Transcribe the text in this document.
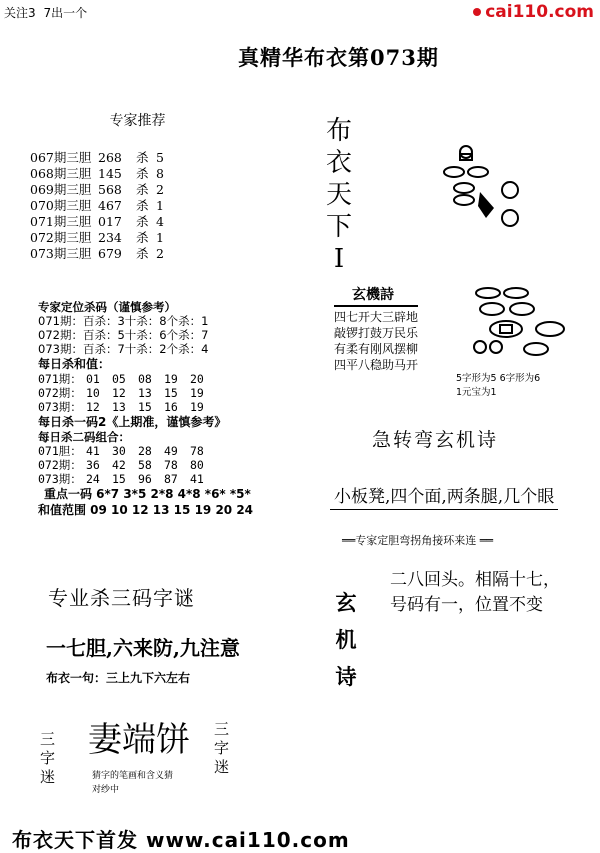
关注3 7出一个	cai110.com
真精华布衣第073期
专家推荐
067期三胆 268 杀 5
068期三胆 145 杀 8
069期三胆 568 杀 2
070期三胆 467 杀 1
071期三胆 017 杀 4
072期三胆 234 杀 1
073期三胆 679 杀 2
专家定位杀码（谨慎参考）
071期：百杀：3十杀：8个杀：1
072期：百杀：5十杀：6个杀：7
073期：百杀：7十杀：2个杀：4
每日杀和值：
071期： 01 05 08 19 20
072期： 10 12 13 15 19
073期： 12 13 15 16 19
每日杀一码2《上期准，谨慎参考》
每日杀二码组合：
071胆： 41 30 28 49 78
072期： 36 42 58 78 80
073期： 24 15 96 87 41
重点一码 6*7 3*5 2*8 4*8 *6* *5*
和值范围 09 10 12 13 15 19 20 24
专业杀三码字谜
一七胆,六来防,九注意
布衣一句：三上九下六左右
三字迷
妻端饼
猜字的笔画和含义猜
对纱中
三字迷
布衣天下首发 www.cai110.com
布衣天下I
玄機詩
四七开大三辟地
敲锣打鼓万民乐
有柔有刚风摆柳
四平八稳助马开
5字形为5 6字形为6
1元宝为1
急转弯玄机诗
小板凳,四个面,两条腿,几个眼
══专家定胆弯拐角接环来连 ══
玄机诗
二八回头。相隔十七，
号码有一，位置不变
